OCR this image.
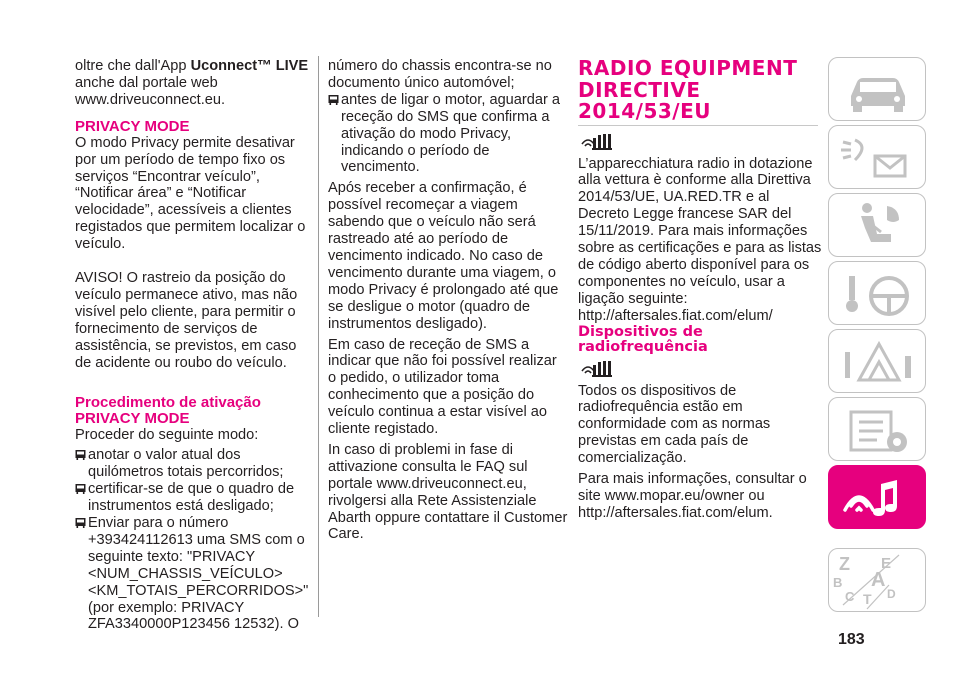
oltre che dall'App Uconnect™ LIVE anche dal portale web www.driveuconnect.eu.

PRIVACY MODE

O modo Privacy permite desativar por um período de tempo fixo os serviços “Encontrar veículo”, “Notificar área” e “Notificar velocidade”, acessíveis a clientes registados que permitem localizar o veículo.

AVISO! O rastreio da posição do veículo permanece ativo, mas não visível pelo cliente, para permitir o fornecimento de serviços de assistência, se previstos, em caso de acidente ou roubo do veículo.

Procedimento de ativação
PRIVACY MODE

Proceder do seguinte modo:

anotar o valor atual dos quilómetros totais percorridos;
certificar-se de que o quadro de instrumentos está desligado;
Enviar para o número +393424112613 uma SMS com o seguinte texto: "PRIVACY <NUM_CHASSIS_VEÍCULO> <KM_TOTAIS_PERCORRIDOS>" (por exemplo: PRIVACY ZFA3340000P123456 12532). O

número do chassis encontra-se no documento único automóvel;

antes de ligar o motor, aguardar a receção do SMS que confirma a ativação do modo Privacy, indicando o período de vencimento.

Após receber a confirmação, é possível recomeçar a viagem sabendo que o veículo não será rastreado até ao período de vencimento indicado. No caso de vencimento durante uma viagem, o modo Privacy é prolongado até que se desligue o motor (quadro de instrumentos desligado).

Em caso de receção de SMS a indicar que não foi possível realizar o pedido, o utilizador toma conhecimento que a posição do veículo continua a estar visível ao cliente registado.

In caso di problemi in fase di attivazione consulta le FAQ sul portale www.driveuconnect.eu, rivolgersi alla Rete Assistenziale Abarth oppure contattare il Customer Care.

RADIO EQUIPMENT
DIRECTIVE
2014/53/EU

L’apparecchiatura radio in dotazione alla vettura è conforme alla Direttiva 2014/53/UE, UA.RED.TR e al Decreto Legge francese SAR del 15/11/2019. Para mais informações sobre as certificações e para as listas de código aberto disponível para os componentes no veículo, usar a ligação seguinte: http://aftersales.fiat.com/elum/

Dispositivos de
radiofrequência

Todos os dispositivos de radiofrequência estão em conformidade com as normas previstas em cada país de comercialização.

Para mais informações, consultar o site www.mopar.eu/owner ou http://aftersales.fiat.com/elum.

Z E
B A
C T D
183
